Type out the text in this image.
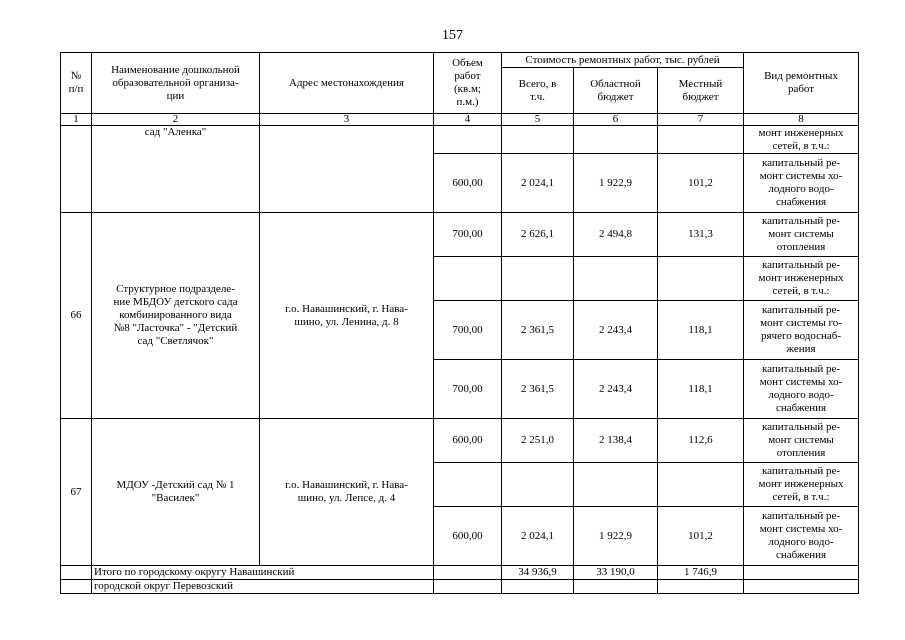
157
№
п/п	Наименование дошкольной
образовательной организа-
ции	Адрес местонахождения	Объем
работ
(кв.м;
п.м.)	Стоимость ремонтных работ, тыс. рублей			Вид ремонтных
работ
				Всего, в
т.ч.	Областной
бюджет	Местный
бюджет	
1	2	3	4	5	6	7	8
	сад "Аленка"						монт инженерных
сетей, в т.ч.:
			600,00	2 024,1	1 922,9	101,2	капитальный ре-
монт системы хо-
лодного водо-
снабжения
66	Структурное подразделе-
ние МБДОУ детского сада
комбинированного вида
№8 "Ласточка" - "Детский
сад "Светлячок"	г.о. Навашинский, г. Нава-
шино, ул. Ленина, д. 8	700,00	2 626,1	2 494,8	131,3	капитальный ре-
монт системы
отопления
							капитальный ре-
монт инженерных
сетей, в т.ч.:
			700,00	2 361,5	2 243,4	118,1	капитальный ре-
монт системы го-
рячего водоснаб-
жения
			700,00	2 361,5	2 243,4	118,1	капитальный ре-
монт системы хо-
лодного водо-
снабжения
67	МДОУ -Детский сад № 1
"Василек"	г.о. Навашинский, г. Нава-
шино, ул. Лепсе, д. 4	600,00	2 251,0	2 138,4	112,6	капитальный ре-
монт системы
отопления
							капитальный ре-
монт инженерных
сетей, в т.ч.:
			600,00	2 024,1	1 922,9	101,2	капитальный ре-
монт системы хо-
лодного водо-
снабжения
	Итого по городскому округу Навашинский			34 936,9	33 190,0	1 746,9	
	городской округ Перевозский						
